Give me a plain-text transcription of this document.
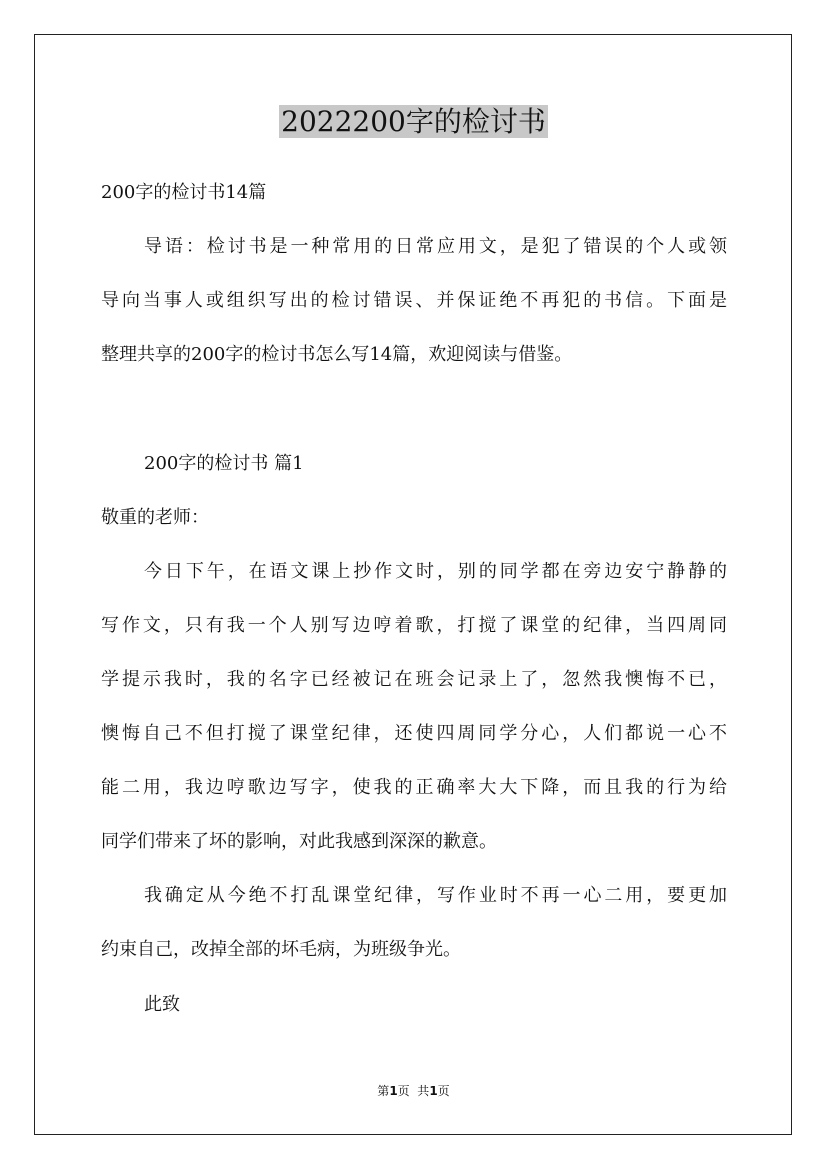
2022200字的检讨书
200字的检讨书14篇
导语：检讨书是一种常用的日常应用文，是犯了错误的个人或领
导向当事人或组织写出的检讨错误、并保证绝不再犯的书信。下面是
整理共享的200字的检讨书怎么写14篇，欢迎阅读与借鉴。
200字的检讨书 篇1
敬重的老师：
今日下午，在语文课上抄作文时，别的同学都在旁边安宁静静的
写作文，只有我一个人别写边哼着歌，打搅了课堂的纪律，当四周同
学提示我时，我的名字已经被记在班会记录上了，忽然我懊悔不已，
懊悔自己不但打搅了课堂纪律，还使四周同学分心，人们都说一心不
能二用，我边哼歌边写字，使我的正确率大大下降，而且我的行为给
同学们带来了坏的影响，对此我感到深深的歉意。
我确定从今绝不打乱课堂纪律，写作业时不再一心二用，要更加
约束自己，改掉全部的坏毛病，为班级争光。
此致
第1页  共1页
